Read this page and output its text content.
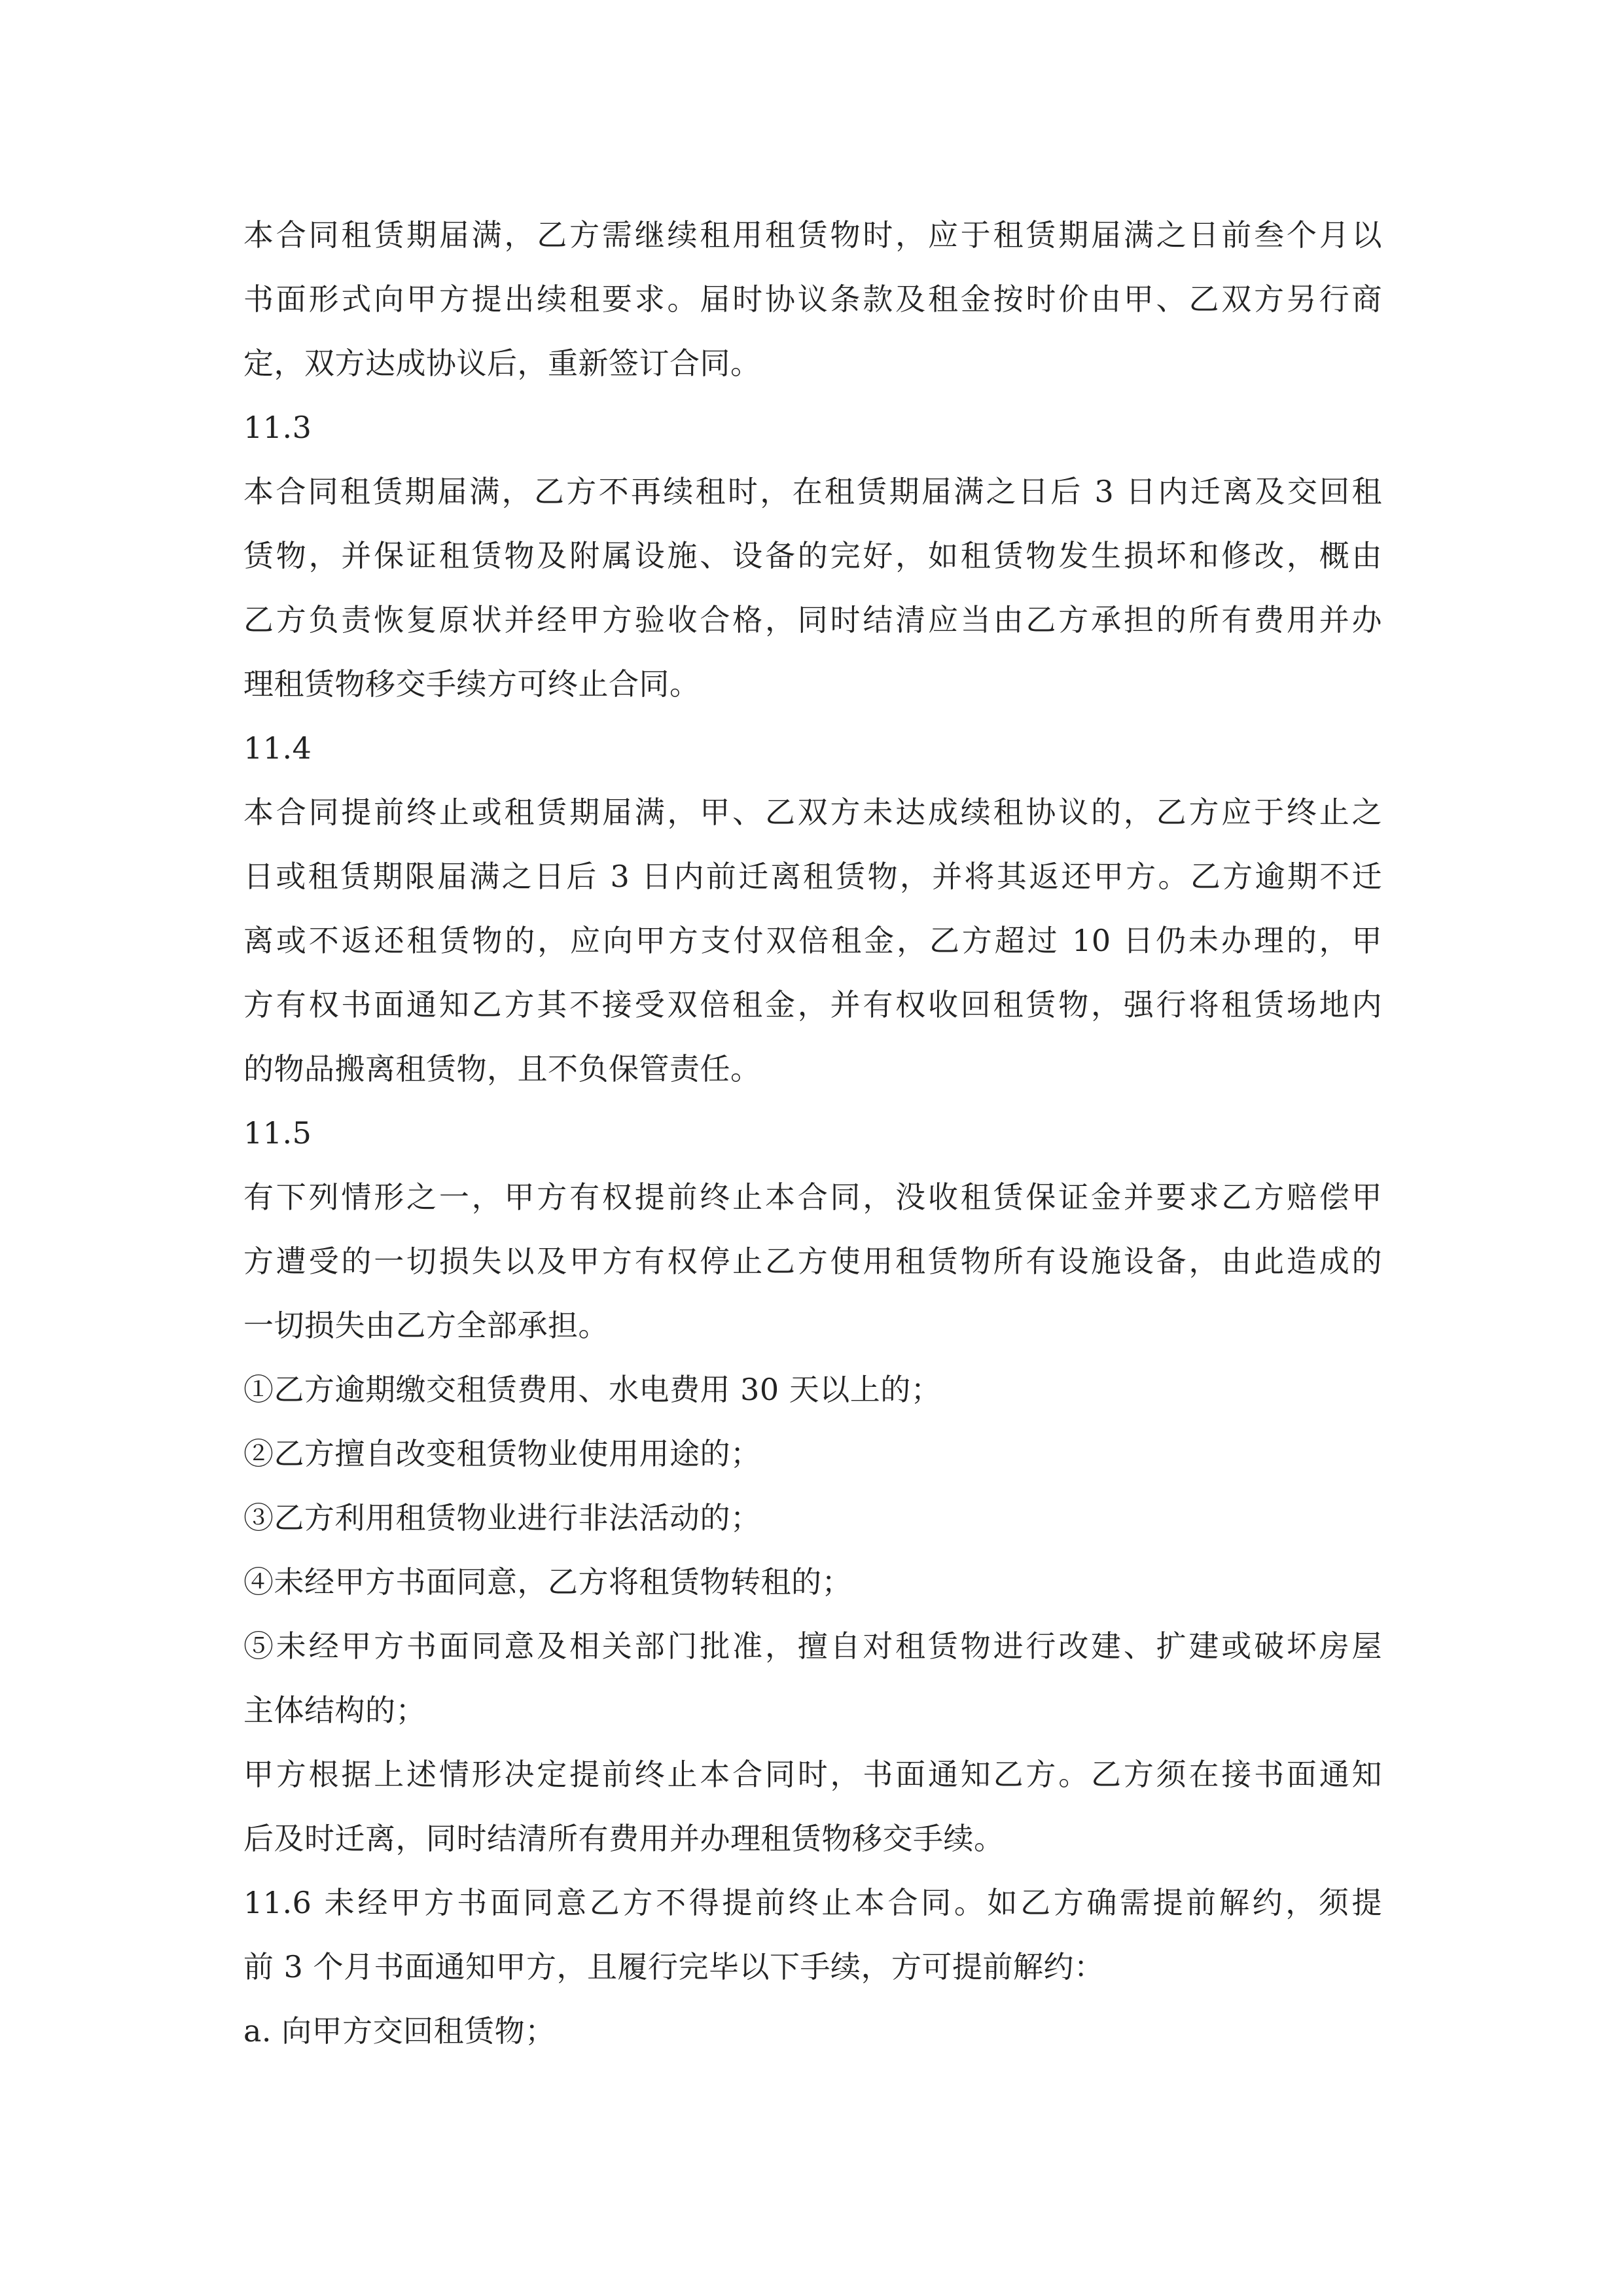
本合同租赁期届满，乙方需继续租用租赁物时，应于租赁期届满之日前叁个月以
书面形式向甲方提出续租要求。届时协议条款及租金按时价由甲、乙双方另行商
定，双方达成协议后，重新签订合同。
11.3
本合同租赁期届满，乙方不再续租时，在租赁期届满之日后 3 日内迁离及交回租
赁物，并保证租赁物及附属设施、设备的完好，如租赁物发生损坏和修改，概由
乙方负责恢复原状并经甲方验收合格，同时结清应当由乙方承担的所有费用并办
理租赁物移交手续方可终止合同。
11.4
本合同提前终止或租赁期届满，甲、乙双方未达成续租协议的，乙方应于终止之
日或租赁期限届满之日后 3 日内前迁离租赁物，并将其返还甲方。乙方逾期不迁
离或不返还租赁物的，应向甲方支付双倍租金，乙方超过 10 日仍未办理的，甲
方有权书面通知乙方其不接受双倍租金，并有权收回租赁物，强行将租赁场地内
的物品搬离租赁物，且不负保管责任。
11.5
有下列情形之一，甲方有权提前终止本合同，没收租赁保证金并要求乙方赔偿甲
方遭受的一切损失以及甲方有权停止乙方使用租赁物所有设施设备，由此造成的
一切损失由乙方全部承担。
①乙方逾期缴交租赁费用、水电费用 30 天以上的；
②乙方擅自改变租赁物业使用用途的；
③乙方利用租赁物业进行非法活动的；
④未经甲方书面同意，乙方将租赁物转租的；
⑤未经甲方书面同意及相关部门批准，擅自对租赁物进行改建、扩建或破坏房屋
主体结构的；
甲方根据上述情形决定提前终止本合同时，书面通知乙方。乙方须在接书面通知
后及时迁离，同时结清所有费用并办理租赁物移交手续。
11.6 未经甲方书面同意乙方不得提前终止本合同。如乙方确需提前解约，须提
前 3 个月书面通知甲方，且履行完毕以下手续，方可提前解约：
a. 向甲方交回租赁物；
